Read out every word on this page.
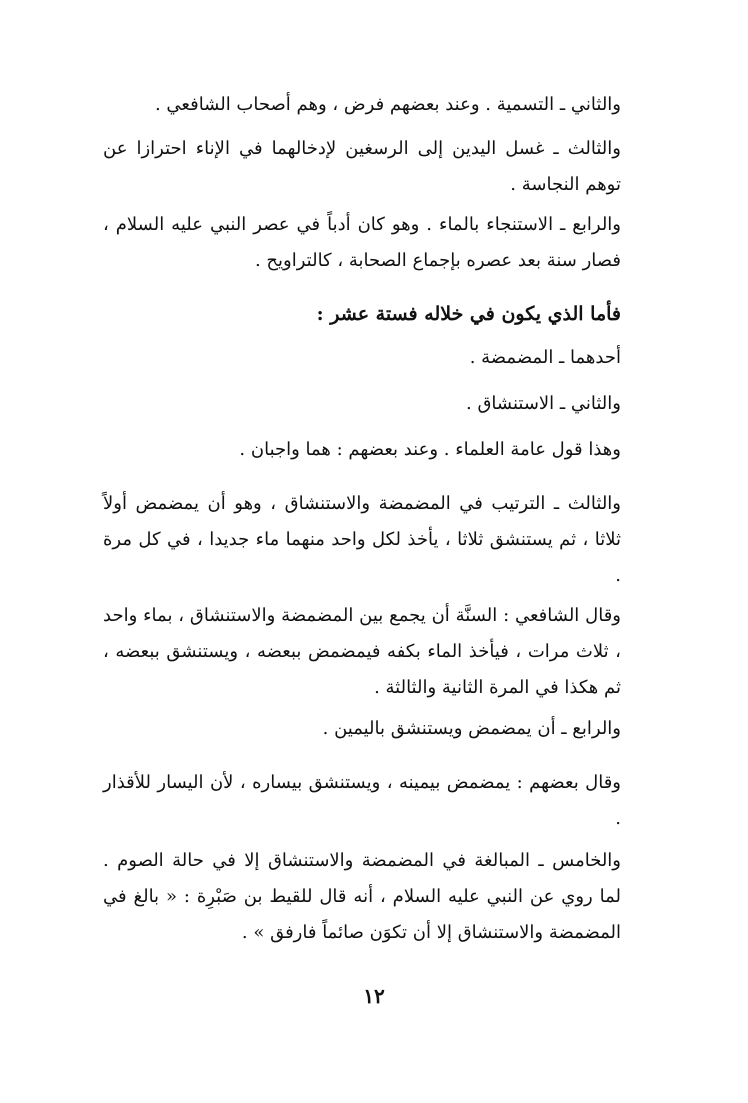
والثاني ـ التسمية . وعند بعضهم فرض ، وهم أصحاب الشافعي .

والثالث ـ غسل اليدين إلى الرسغين لإدخالهما في الإناء احترازا عن توهم النجاسة .

والرابع ـ الاستنجاء بالماء . وهو كان أدباً في عصر النبي عليه السلام ، فصار سنة بعد عصره بإجماع الصحابة ، كالتراويح .

فأما الذي يكون في خلاله فستة عشر :

أحدهما ـ المضمضة .

والثاني ـ الاستنشاق .

وهذا قول عامة العلماء . وعند بعضهم : هما واجبان .

والثالث ـ الترتيب في المضمضة والاستنشاق ، وهو أن يمضمض أولاً ثلاثا ، ثم يستنشق ثلاثا ، يأخذ لكل واحد منهما ماء جديدا ، في كل مرة .

وقال الشافعي : السنَّة أن يجمع بين المضمضة والاستنشاق ، بماء واحد ، ثلاث مرات ، فيأخذ الماء بكفه فيمضمض ببعضه ، ويستنشق ببعضه ، ثم هكذا في المرة الثانية والثالثة .

والرابع ـ أن يمضمض ويستنشق باليمين .

وقال بعضهم : يمضمض بيمينه ، ويستنشق بيساره ، لأن اليسار للأقذار .

والخامس ـ المبالغة في المضمضة والاستنشاق إلا في حالة الصوم . لما روي عن النبي عليه السلام ، أنه قال للقيط بن صَبْرِة : « بالغ في المضمضة والاستنشاق إلا أن تكوَن صائماً فارفق » .

١٢
